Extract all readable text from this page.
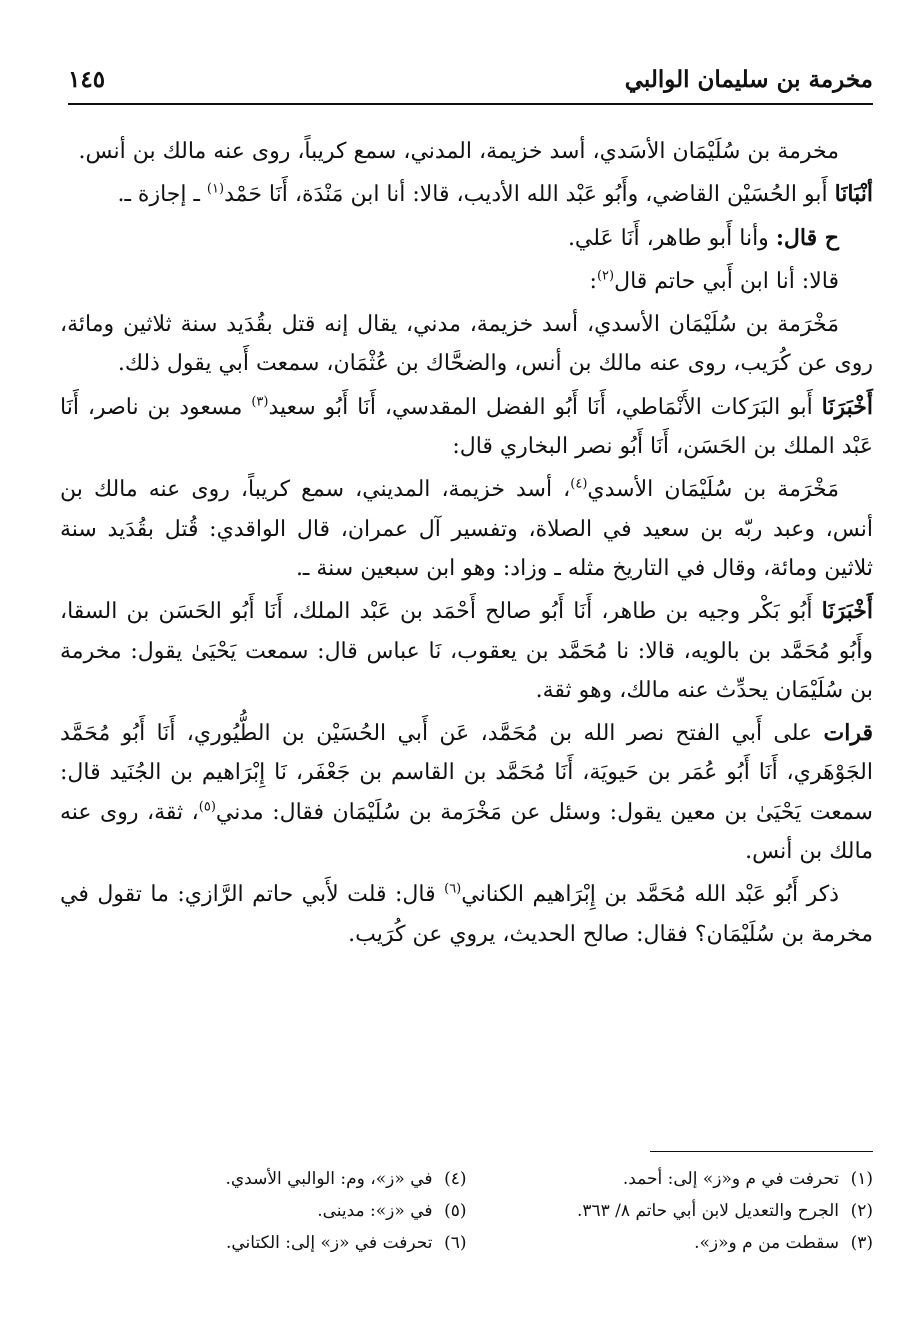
مخرمة بن سليمان الوالبي
١٤٥

مخرمة بن سُلَيْمَان الأسَدي، أسد خزيمة، المدني، سمع كريباً، روى عنه مالك بن أنس.

أنْبَانَا أَبو الحُسَيْن القاضي، وأَبُو عَبْد الله الأديب، قالا: أنا ابن مَنْدَة، أَنَا حَمْد$^{(١)}$ ـ إجازة ـ.

ح قال: وأنا أَبو طاهر، أَنَا عَلي.

قالا: أنا ابن أَبي حاتم قال$^{(٢)}$:

مَخْرَمة بن سُلَيْمَان الأسدي، أسد خزيمة، مدني، يقال إنه قتل بقُدَيد سنة ثلاثين ومائة، روى عن كُرَيب، روى عنه مالك بن أنس، والضحَّاك بن عُثْمَان، سمعت أَبي يقول ذلك.

أَخْبَرَنَا أَبو البَرَكات الأَنْمَاطي، أَنَا أَبُو الفضل المقدسي، أَنَا أَبُو سعيد$^{(٣)}$ مسعود بن ناصر، أَنَا عَبْد الملك بن الحَسَن، أَنَا أَبُو نصر البخاري قال:

مَخْرَمة بن سُلَيْمَان الأسدي$^{(٤)}$، أسد خزيمة، المديني، سمع كريباً، روى عنه مالك بن أنس، وعبد ربّه بن سعيد في الصلاة، وتفسير آل عمران، قال الواقدي: قُتل بقُدَيد سنة ثلاثين ومائة، وقال في التاريخ مثله ـ وزاد: وهو ابن سبعين سنة ـ.

أَخْبَرَنَا أَبُو بَكْر وجيه بن طاهر، أَنَا أَبُو صالح أَحْمَد بن عَبْد الملك، أَنَا أَبُو الحَسَن بن السقا، وأَبُو مُحَمَّد بن بالويه، قالا: نا مُحَمَّد بن يعقوب، نَا عباس قال: سمعت يَحْيَىٰ يقول: مخرمة بن سُلَيْمَان يحدِّث عنه مالك، وهو ثقة.

قرات على أَبي الفتح نصر الله بن مُحَمَّد، عَن أَبي الحُسَيْن بن الطُّيُوري، أَنَا أَبُو مُحَمَّد الجَوْهَري، أَنَا أَبُو عُمَر بن حَيويَة، أَنَا مُحَمَّد بن القاسم بن جَعْفَر، نَا إِبْرَاهيم بن الجُنَيد قال: سمعت يَحْيَىٰ بن معين يقول: وسئل عن مَخْرَمة بن سُلَيْمَان فقال: مدني$^{(٥)}$، ثقة، روى عنه مالك بن أنس.

ذكر أَبُو عَبْد الله مُحَمَّد بن إِبْرَاهيم الكناني$^{(٦)}$ قال: قلت لأَبي حاتم الرَّازي: ما تقول في مخرمة بن سُلَيْمَان؟ فقال: صالح الحديث، يروي عن كُرَيب.

(١)تحرفت في م و«ز» إلى: أحمد.
(٢)الجرح والتعديل لابن أبي حاتم ٨/ ٣٦٣.
(٣)سقطت من م و«ز».
(٤)في «ز»، وم: الوالبي الأسدي.
(٥)في «ز»: مدينى.
(٦)تحرفت في «ز» إلى: الكتاني.
